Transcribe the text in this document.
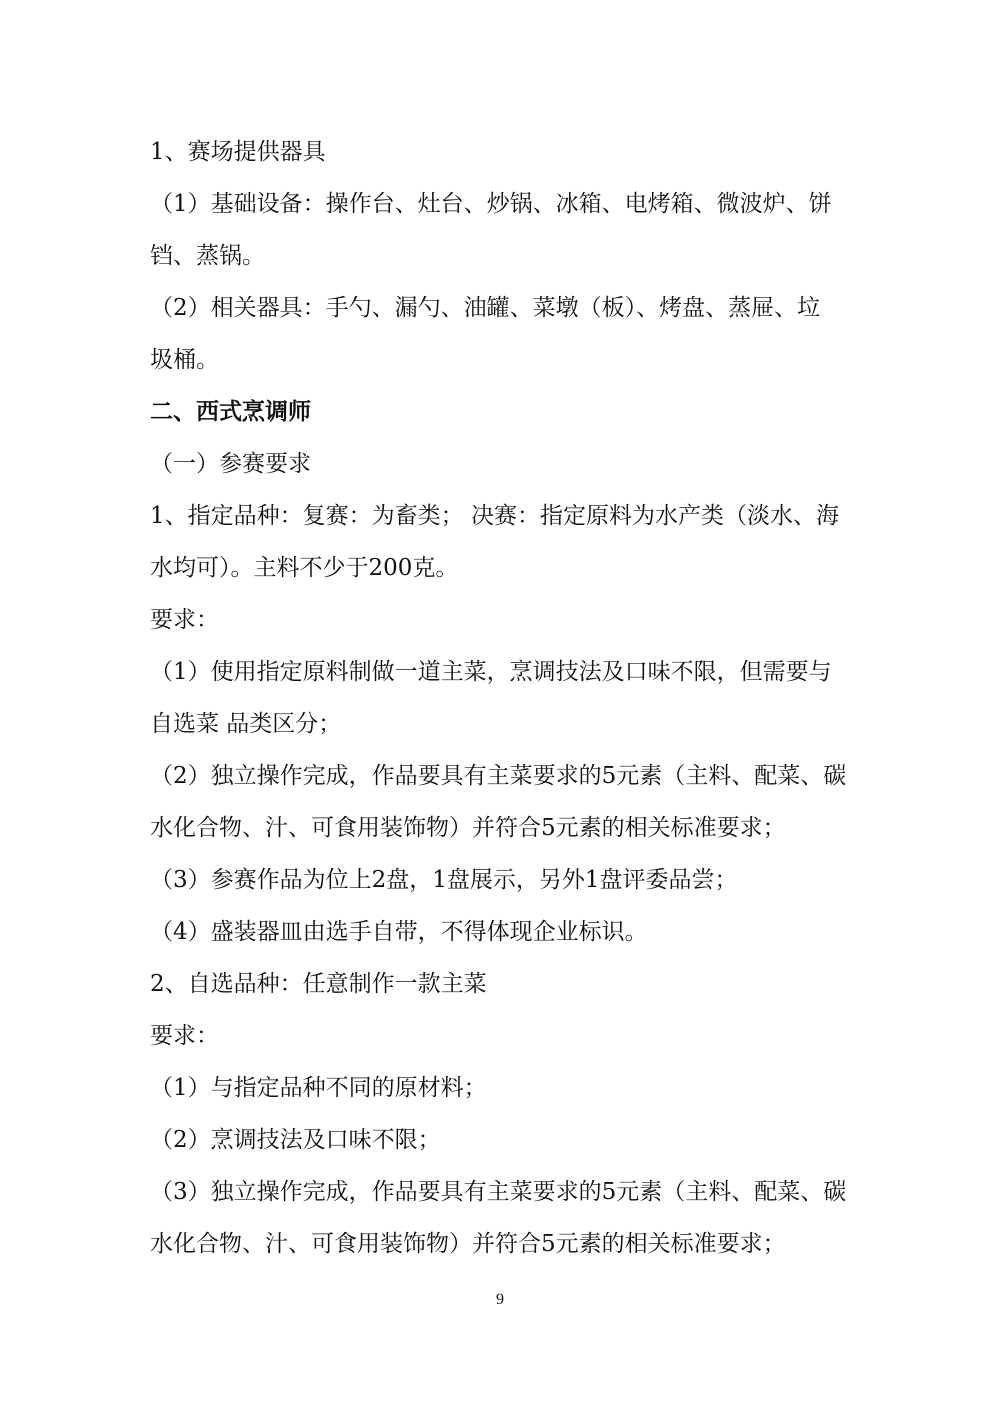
1、赛场提供器具
（1）基础设备：操作台、灶台、炒锅、冰箱、电烤箱、微波炉、饼
铛、蒸锅。
（2）相关器具：手勺、漏勺、油罐、菜墩（板）、烤盘、蒸屉、垃
圾桶。
二、西式烹调师
（一）参赛要求
1、指定品种：复赛：为畜类； 决赛：指定原料为水产类（淡水、海
水均可）。主料不少于200克。
要求：
（1）使用指定原料制做一道主菜，烹调技法及口味不限，但需要与
自选菜 品类区分；
（2）独立操作完成，作品要具有主菜要求的5元素（主料、配菜、碳
水化合物、汁、可食用装饰物）并符合5元素的相关标准要求；
（3）参赛作品为位上2盘，1盘展示，另外1盘评委品尝；
（4）盛装器皿由选手自带，不得体现企业标识。
2、自选品种：任意制作一款主菜
要求：
（1）与指定品种不同的原材料；
（2）烹调技法及口味不限；
（3）独立操作完成，作品要具有主菜要求的5元素（主料、配菜、碳
水化合物、汁、可食用装饰物）并符合5元素的相关标准要求；
9
